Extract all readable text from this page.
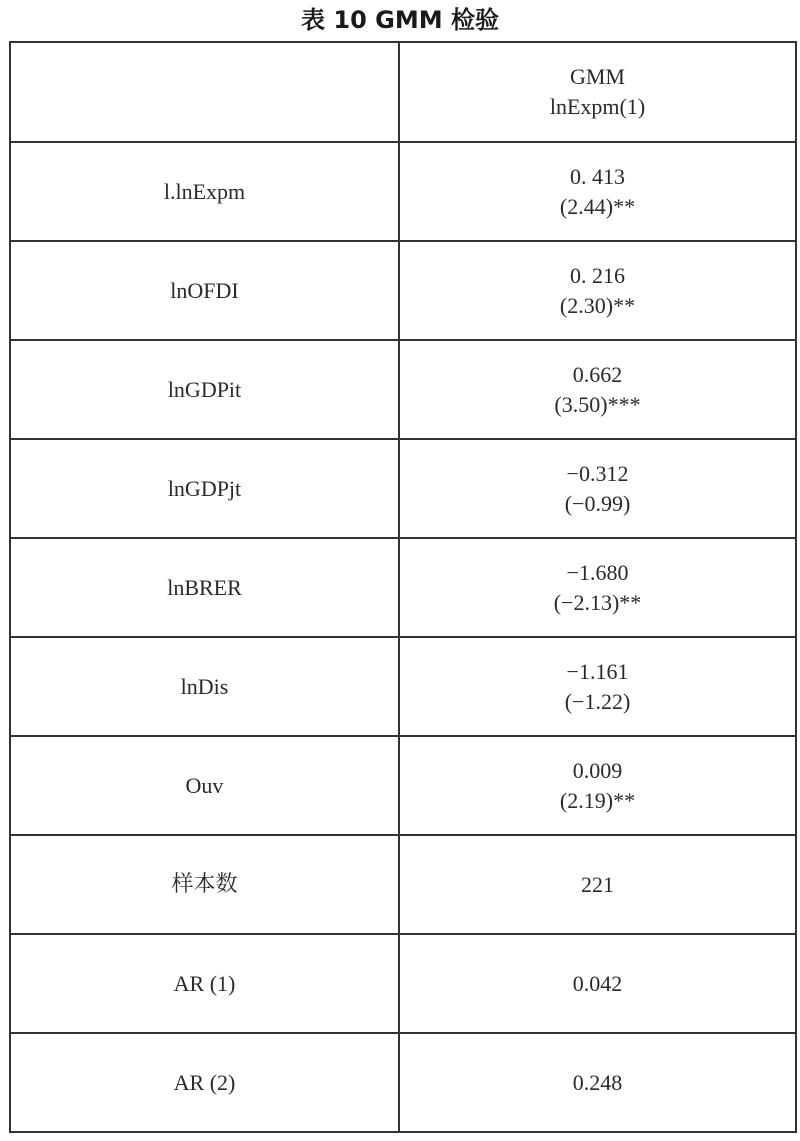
表 10 GMM 检验

	GMM
lnExpm(1)

l.lnExpm	0. 413
(2.44)**

lnOFDI	0. 216
(2.30)**

lnGDPit	0.662
(3.50)***

lnGDPjt	−0.312
(−0.99)

lnBRER	−1.680
(−2.13)**

lnDis	−1.161
(−1.22)

Ouv	0.009
(2.19)**

样本数	221
AR (1)	0.042
AR (2)	0.248
